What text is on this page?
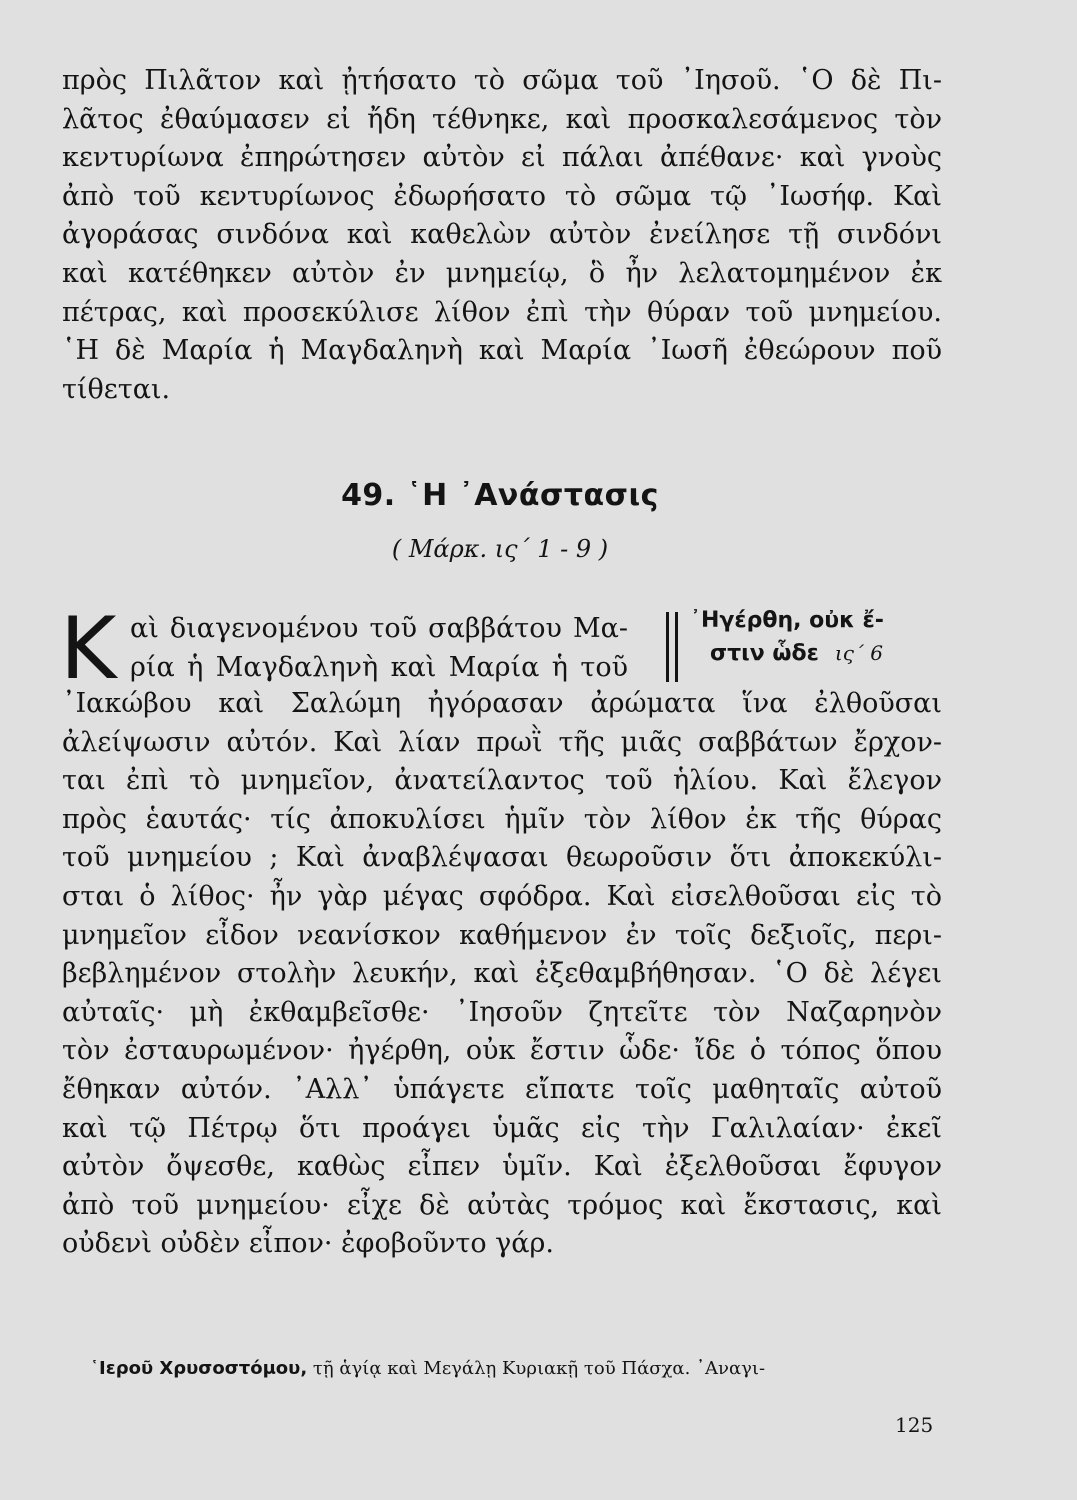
πρὸς Πιλᾶτον καὶ ᾐτήσατο τὸ σῶμα τοῦ ᾿Ιησοῦ. ῾Ο δὲ Πι-
λᾶτος ἐθαύμασεν εἰ ἤδη τέθνηκε, καὶ προσκαλεσάμενος τὸν
κεντυρίωνα ἐπηρώτησεν αὐτὸν εἰ πάλαι ἀπέθανε· καὶ γνοὺς
ἀπὸ τοῦ κεντυρίωνος ἐδωρήσατο τὸ σῶμα τῷ ᾿Ιωσήφ. Καὶ
ἀγοράσας σινδόνα καὶ καθελὼν αὐτὸν ἐνείλησε τῇ σινδόνι
καὶ κατέθηκεν αὐτὸν ἐν μνημείῳ, ὃ ἦν λελατομημένον ἐκ
πέτρας, καὶ προσεκύλισε λίθον ἐπὶ τὴν θύραν τοῦ μνημείου.
῾Η δὲ Μαρία ἡ Μαγδαληνὴ καὶ Μαρία ᾿Ιωσῆ ἐθεώρουν ποῦ
τίθεται.
49. ῾Η ᾿Ανάστασις
( Μάρκ. ις΄ 1 - 9 )
Κ αὶ διαγενομένου τοῦ σαββάτου Μα-
ρία ἡ Μαγδαληνὴ καὶ Μαρία ἡ τοῦ
᾿Ηγέρθη, οὐκ ἔ-
στιν ὧδε ις΄ 6
᾿Ιακώβου καὶ Σαλώμη ἠγόρασαν ἀρώματα ἵνα ἐλθοῦσαι
ἀλείψωσιν αὐτόν. Καὶ λίαν πρωῒ τῆς μιᾶς σαββάτων ἔρχον-
ται ἐπὶ τὸ μνημεῖον, ἀνατείλαντος τοῦ ἡλίου. Καὶ ἔλεγον
πρὸς ἑαυτάς· τίς ἀποκυλίσει ἡμῖν τὸν λίθον ἐκ τῆς θύρας
τοῦ μνημείου ; Καὶ ἀναβλέψασαι θεωροῦσιν ὅτι ἀποκεκύλι-
σται ὁ λίθος· ἦν γὰρ μέγας σφόδρα. Καὶ εἰσελθοῦσαι εἰς τὸ
μνημεῖον εἶδον νεανίσκον καθήμενον ἐν τοῖς δεξιοῖς, περι-
βεβλημένον στολὴν λευκήν, καὶ ἐξεθαμβήθησαν. ῾Ο δὲ λέγει
αὐταῖς· μὴ ἐκθαμβεῖσθε· ᾿Ιησοῦν ζητεῖτε τὸν Ναζαρηνὸν
τὸν ἐσταυρωμένον· ἠγέρθη, οὐκ ἔστιν ὧδε· ἴδε ὁ τόπος ὅπου
ἔθηκαν αὐτόν. ᾿Αλλ᾿ ὑπάγετε εἴπατε τοῖς μαθηταῖς αὐτοῦ
καὶ τῷ Πέτρῳ ὅτι προάγει ὑμᾶς εἰς τὴν Γαλιλαίαν· ἐκεῖ
αὐτὸν ὄψεσθε, καθὼς εἶπεν ὑμῖν. Καὶ ἐξελθοῦσαι ἔφυγον
ἀπὸ τοῦ μνημείου· εἶχε δὲ αὐτὰς τρόμος καὶ ἔκστασις, καὶ
οὐδενὶ οὐδὲν εἶπον· ἐφοβοῦντο γάρ.
῾Ιεροῦ Χρυσοστόμου, τῇ ἁγίᾳ καὶ Μεγάλῃ Κυριακῇ τοῦ Πάσχα. ᾿Αναγι-
125
